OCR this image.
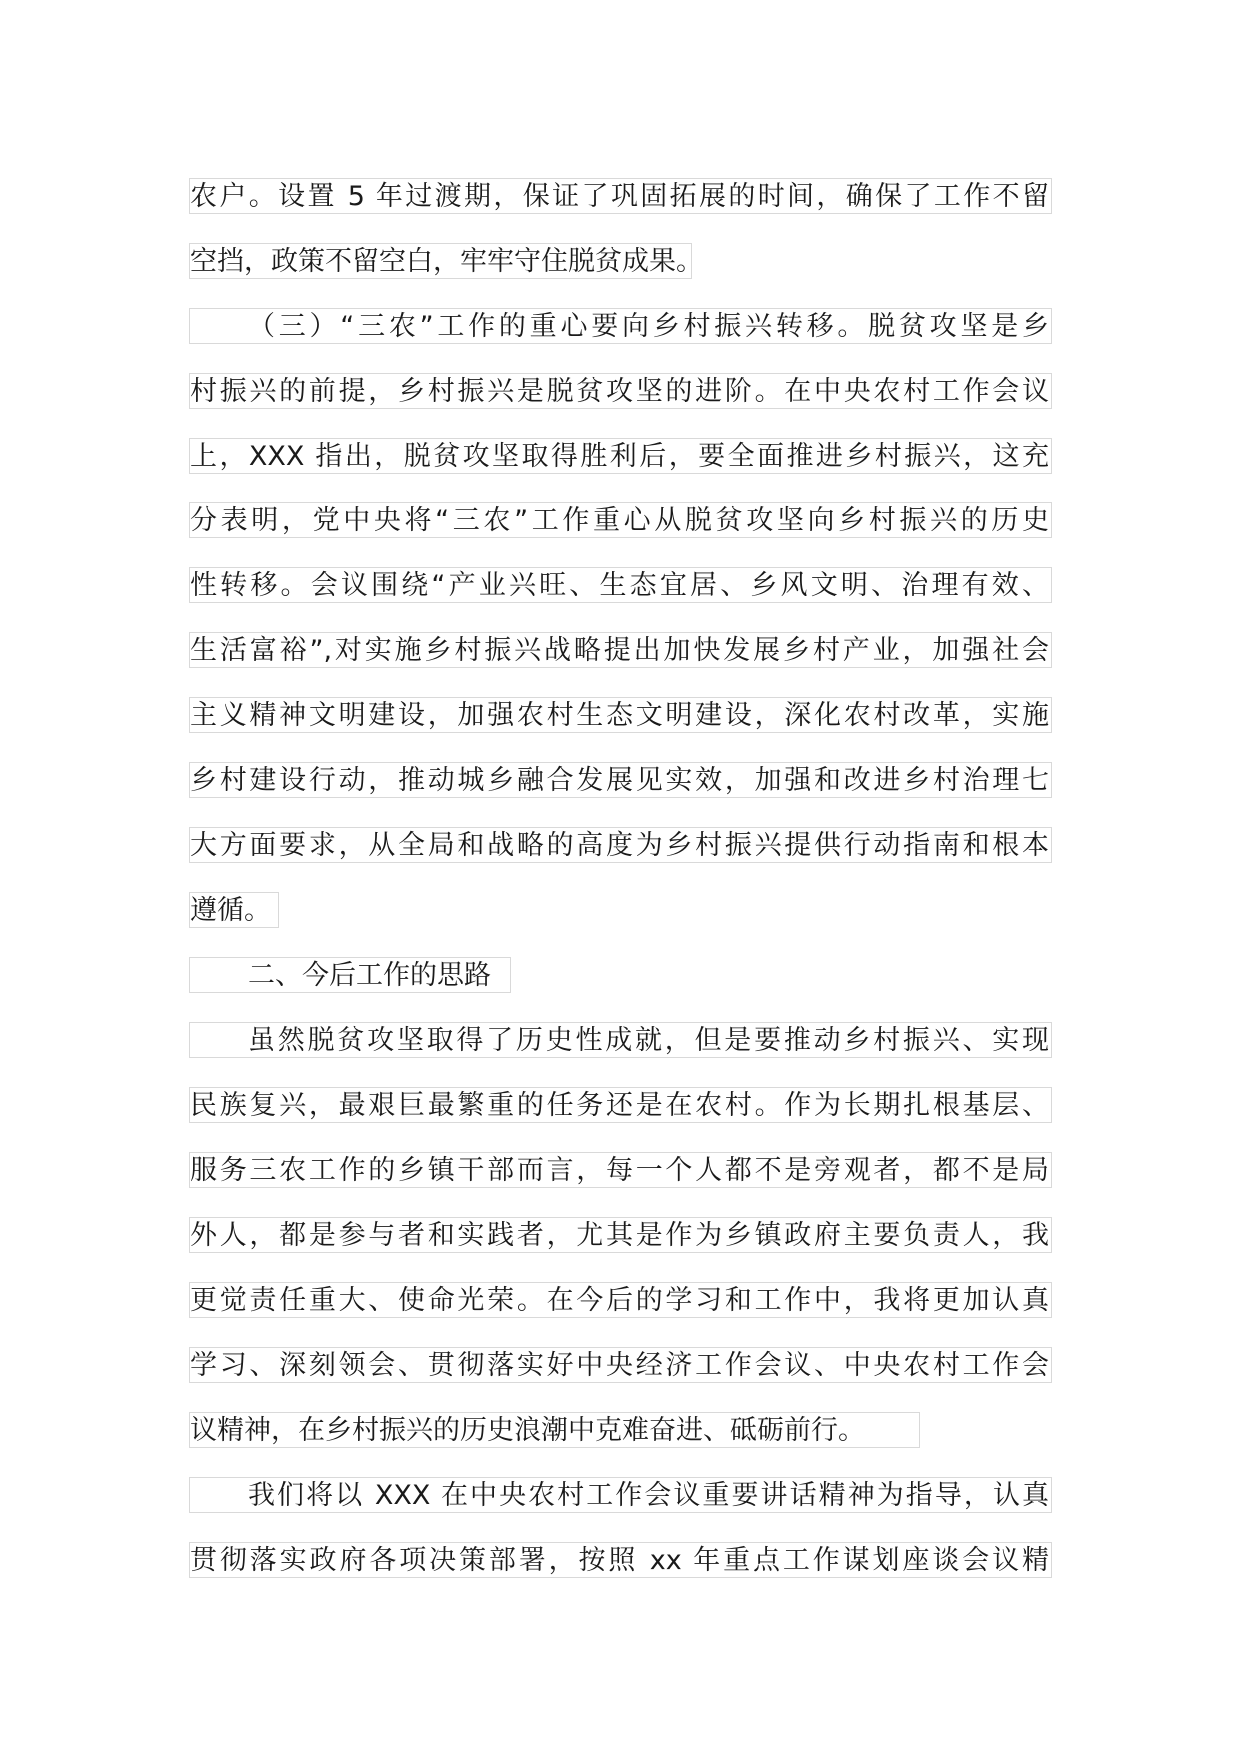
农户。设置 5 年过渡期，保证了巩固拓展的时间，确保了工作不留
空挡，政策不留空白，牢牢守住脱贫成果。
（三）“三农”工作的重心要向乡村振兴转移。脱贫攻坚是乡
村振兴的前提，乡村振兴是脱贫攻坚的进阶。在中央农村工作会议
上，XXX 指出，脱贫攻坚取得胜利后，要全面推进乡村振兴，这充
分表明，党中央将“三农”工作重心从脱贫攻坚向乡村振兴的历史
性转移。会议围绕“产业兴旺、生态宜居、乡风文明、治理有效、
生活富裕”,对实施乡村振兴战略提出加快发展乡村产业，加强社会
主义精神文明建设，加强农村生态文明建设，深化农村改革，实施
乡村建设行动，推动城乡融合发展见实效，加强和改进乡村治理七
大方面要求，从全局和战略的高度为乡村振兴提供行动指南和根本
遵循。
二、今后工作的思路
虽然脱贫攻坚取得了历史性成就，但是要推动乡村振兴、实现
民族复兴，最艰巨最繁重的任务还是在农村。作为长期扎根基层、
服务三农工作的乡镇干部而言，每一个人都不是旁观者，都不是局
外人，都是参与者和实践者，尤其是作为乡镇政府主要负责人，我
更觉责任重大、使命光荣。在今后的学习和工作中，我将更加认真
学习、深刻领会、贯彻落实好中央经济工作会议、中央农村工作会
议精神，在乡村振兴的历史浪潮中克难奋进、砥砺前行。
我们将以 XXX 在中央农村工作会议重要讲话精神为指导，认真
贯彻落实政府各项决策部署，按照 xx 年重点工作谋划座谈会议精
